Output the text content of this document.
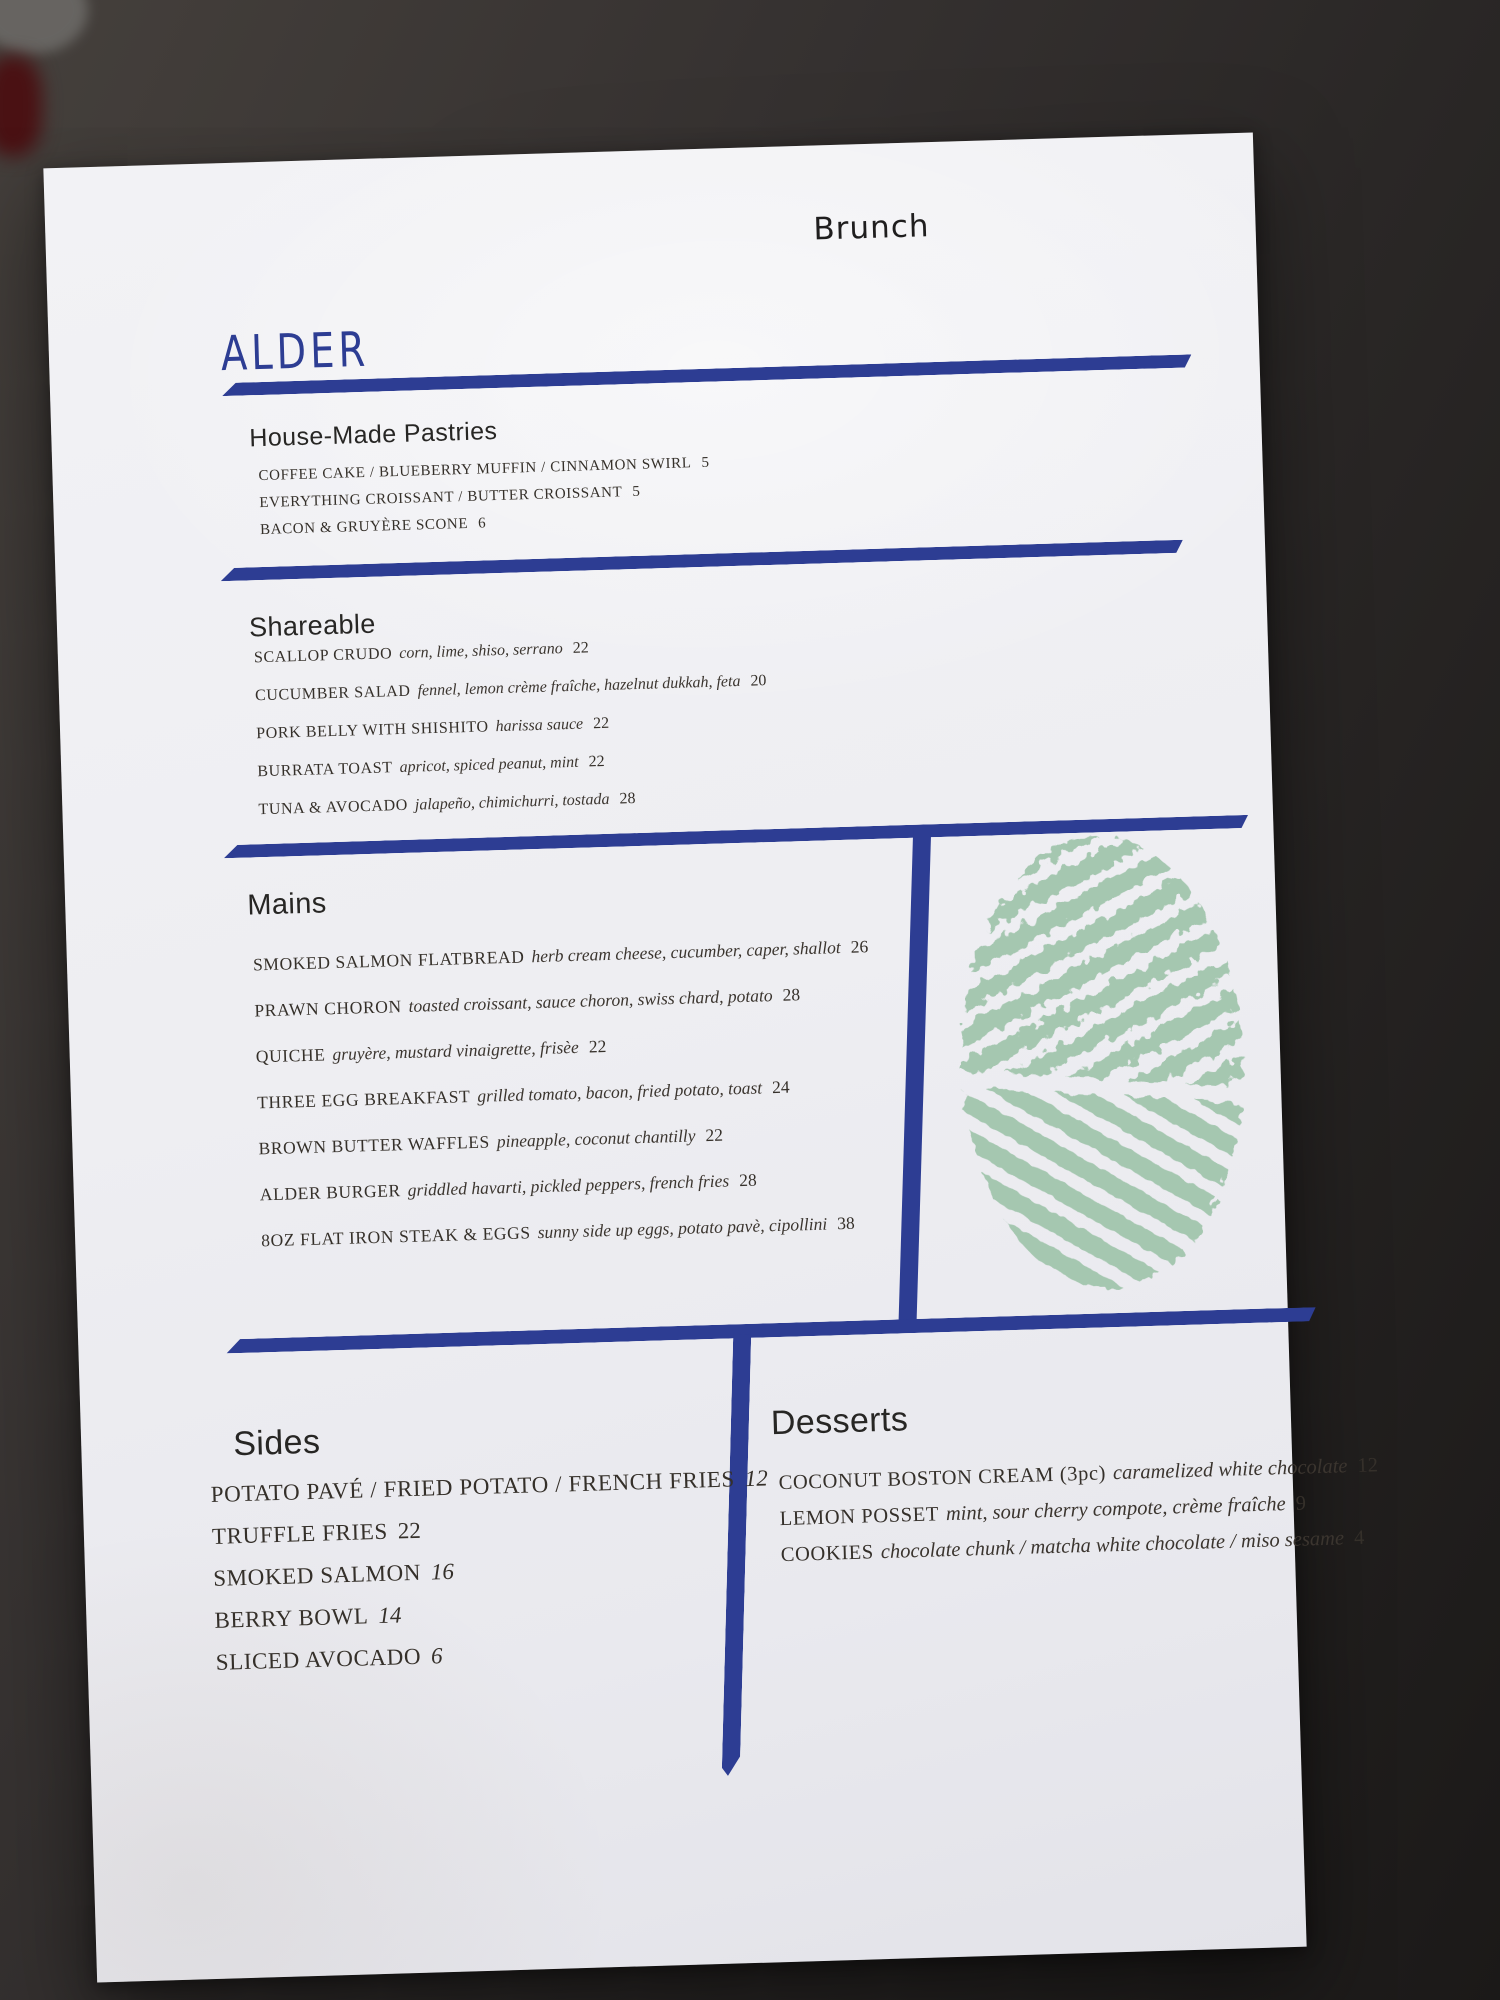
ALDER
Brunch
House-Made Pastries
COFFEE CAKE / BLUEBERRY MUFFIN / CINNAMON SWIRL 5
EVERYTHING CROISSANT / BUTTER CROISSANT 5
BACON & GRUYÈRE SCONE 6
Shareable
SCALLOP CRUDO corn, lime, shiso, serrano 22
CUCUMBER SALAD fennel, lemon crème fraîche, hazelnut dukkah, feta 20
PORK BELLY WITH SHISHITO harissa sauce 22
BURRATA TOAST apricot, spiced peanut, mint 22
TUNA & AVOCADO jalapeño, chimichurri, tostada 28
Mains
SMOKED SALMON FLATBREAD herb cream cheese, cucumber, caper, shallot 26
PRAWN CHORON toasted croissant, sauce choron, swiss chard, potato 28
QUICHE gruyère, mustard vinaigrette, frisèe 22
THREE EGG BREAKFAST grilled tomato, bacon, fried potato, toast 24
BROWN BUTTER WAFFLES pineapple, coconut chantilly 22
ALDER BURGER griddled havarti, pickled peppers, french fries 28
8OZ FLAT IRON STEAK & EGGS sunny side up eggs, potato pavè, cipollini 38
Sides
POTATO PAVÉ / FRIED POTATO / FRENCH FRIES 12
TRUFFLE FRIES 22
SMOKED SALMON 16
BERRY BOWL 14
SLICED AVOCADO 6
Desserts
COCONUT BOSTON CREAM (3pc) caramelized white chocolate 12
LEMON POSSET mint, sour cherry compote, crème fraîche 9
COOKIES chocolate chunk / matcha white chocolate / miso sesame 4
